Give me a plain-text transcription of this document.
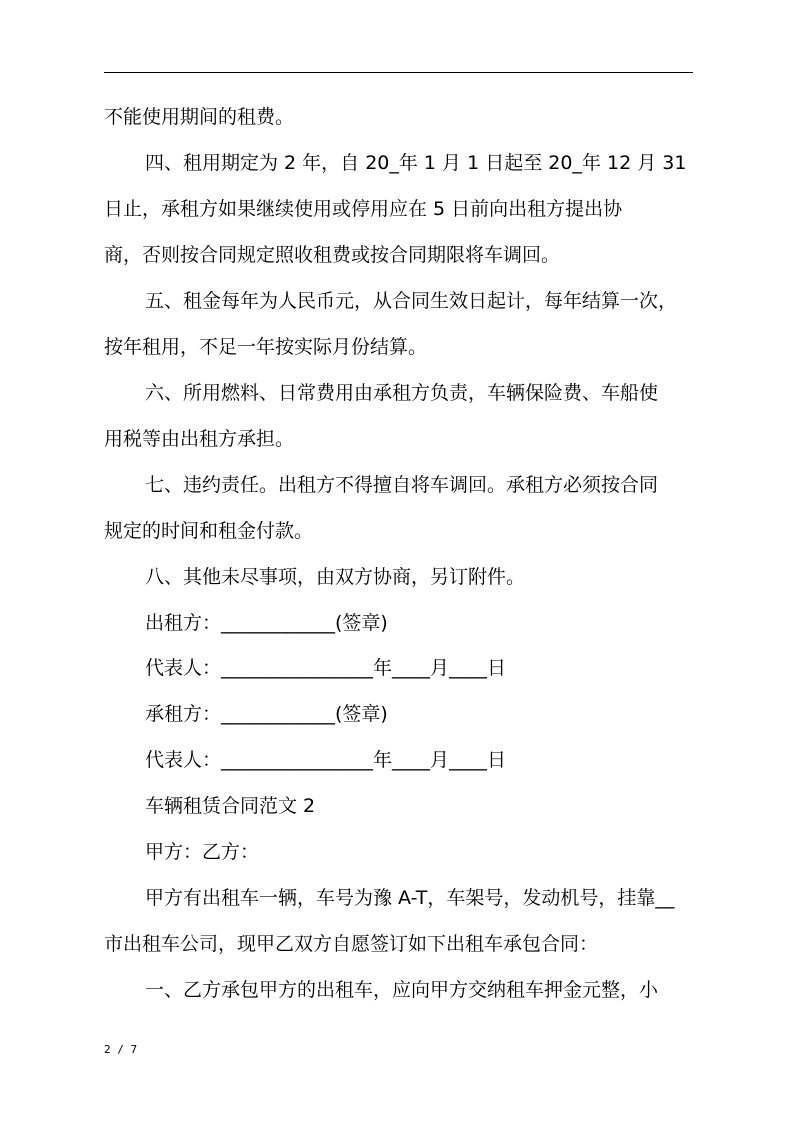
不能使用期间的租费。

四、租用期定为 2 年，自 20_年 1 月 1 日起至 20_年 12 月 31

日止，承租方如果继续使用或停用应在 5 日前向出租方提出协

商，否则按合同规定照收租费或按合同期限将车调回。

五、租金每年为人民币元，从合同生效日起计，每年结算一次，

按年租用，不足一年按实际月份结算。

六、所用燃料、日常费用由承租方负责，车辆保险费、车船使

用税等由出租方承担。

七、违约责任。出租方不得擅自将车调回。承租方必须按合同

规定的时间和租金付款。

八、其他未尽事项，由双方协商，另订附件。

出租方：____________(签章)

代表人：________________年____月____日

承租方：____________(签章)

代表人：________________年____月____日

车辆租赁合同范文 2

甲方：乙方：

甲方有出租车一辆，车号为豫 A-T，车架号，发动机号，挂靠__

市出租车公司，现甲乙双方自愿签订如下出租车承包合同：

一、乙方承包甲方的出租车，应向甲方交纳租车押金元整，小

2 / 7
